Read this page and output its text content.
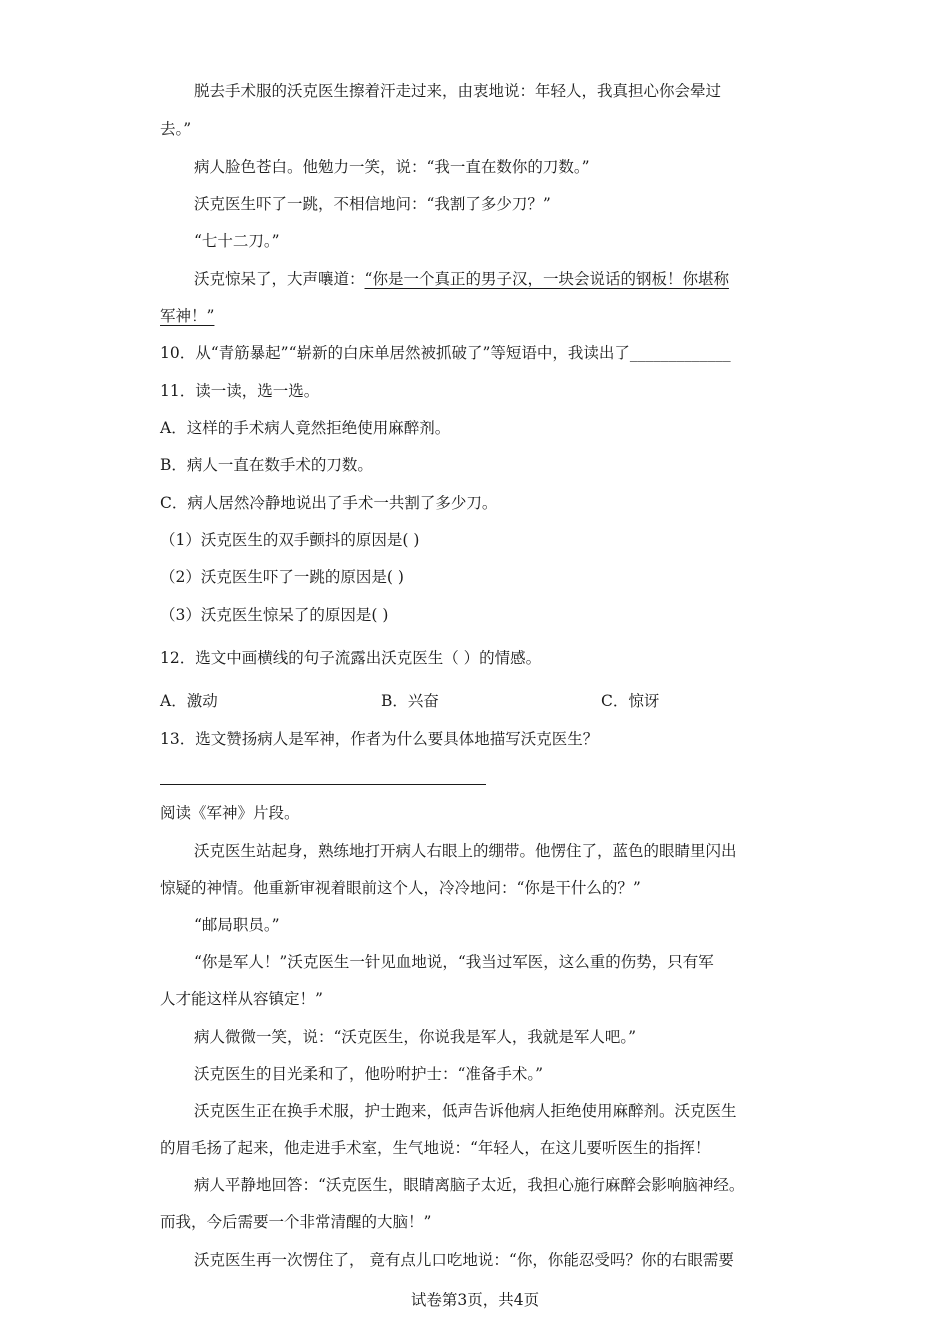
脱去手术服的沃克医生擦着汗走过来，由衷地说：年轻人，我真担心你会晕过
去。”
病人脸色苍白。他勉力一笑，说：“我一直在数你的刀数。”
沃克医生吓了一跳，不相信地问：“我割了多少刀？”
“七十二刀。”
沃克惊呆了，大声嚷道：“你是一个真正的男子汉，一块会说话的钢板！你堪称
军神！”
10．从“青筋暴起”“崭新的白床单居然被抓破了”等短语中，我读出了_____________
11．读一读，选一选。
A．这样的手术病人竟然拒绝使用麻醉剂。
B．病人一直在数手术的刀数。
C．病人居然冷静地说出了手术一共割了多少刀。
（1）沃克医生的双手颤抖的原因是( )
（2）沃克医生吓了一跳的原因是( )
（3）沃克医生惊呆了的原因是( )
12．选文中画横线的句子流露出沃克医生（ ）的情感。
A．激动	B．兴奋	C．惊讶
13．选文赞扬病人是军神，作者为什么要具体地描写沃克医生？
阅读《军神》片段。
沃克医生站起身，熟练地打开病人右眼上的绷带。他愣住了，蓝色的眼睛里闪出
惊疑的神情。他重新审视着眼前这个人，冷冷地问：“你是干什么的？”
“邮局职员。”
“你是军人！”沃克医生一针见血地说，“我当过军医，这么重的伤势，只有军
人才能这样从容镇定！”
病人微微一笑，说：“沃克医生，你说我是军人，我就是军人吧。”
沃克医生的目光柔和了，他吩咐护士：“准备手术。”
沃克医生正在换手术服，护士跑来，低声告诉他病人拒绝使用麻醉剂。沃克医生
的眉毛扬了起来，他走进手术室，生气地说：“年轻人，在这儿要听医生的指挥！
病人平静地回答：“沃克医生，眼睛离脑子太近，我担心施行麻醉会影响脑神经。
而我，今后需要一个非常清醒的大脑！”
沃克医生再一次愣住了， 竟有点儿口吃地说：“你，你能忍受吗？你的右眼需要
试卷第3页，共4页
